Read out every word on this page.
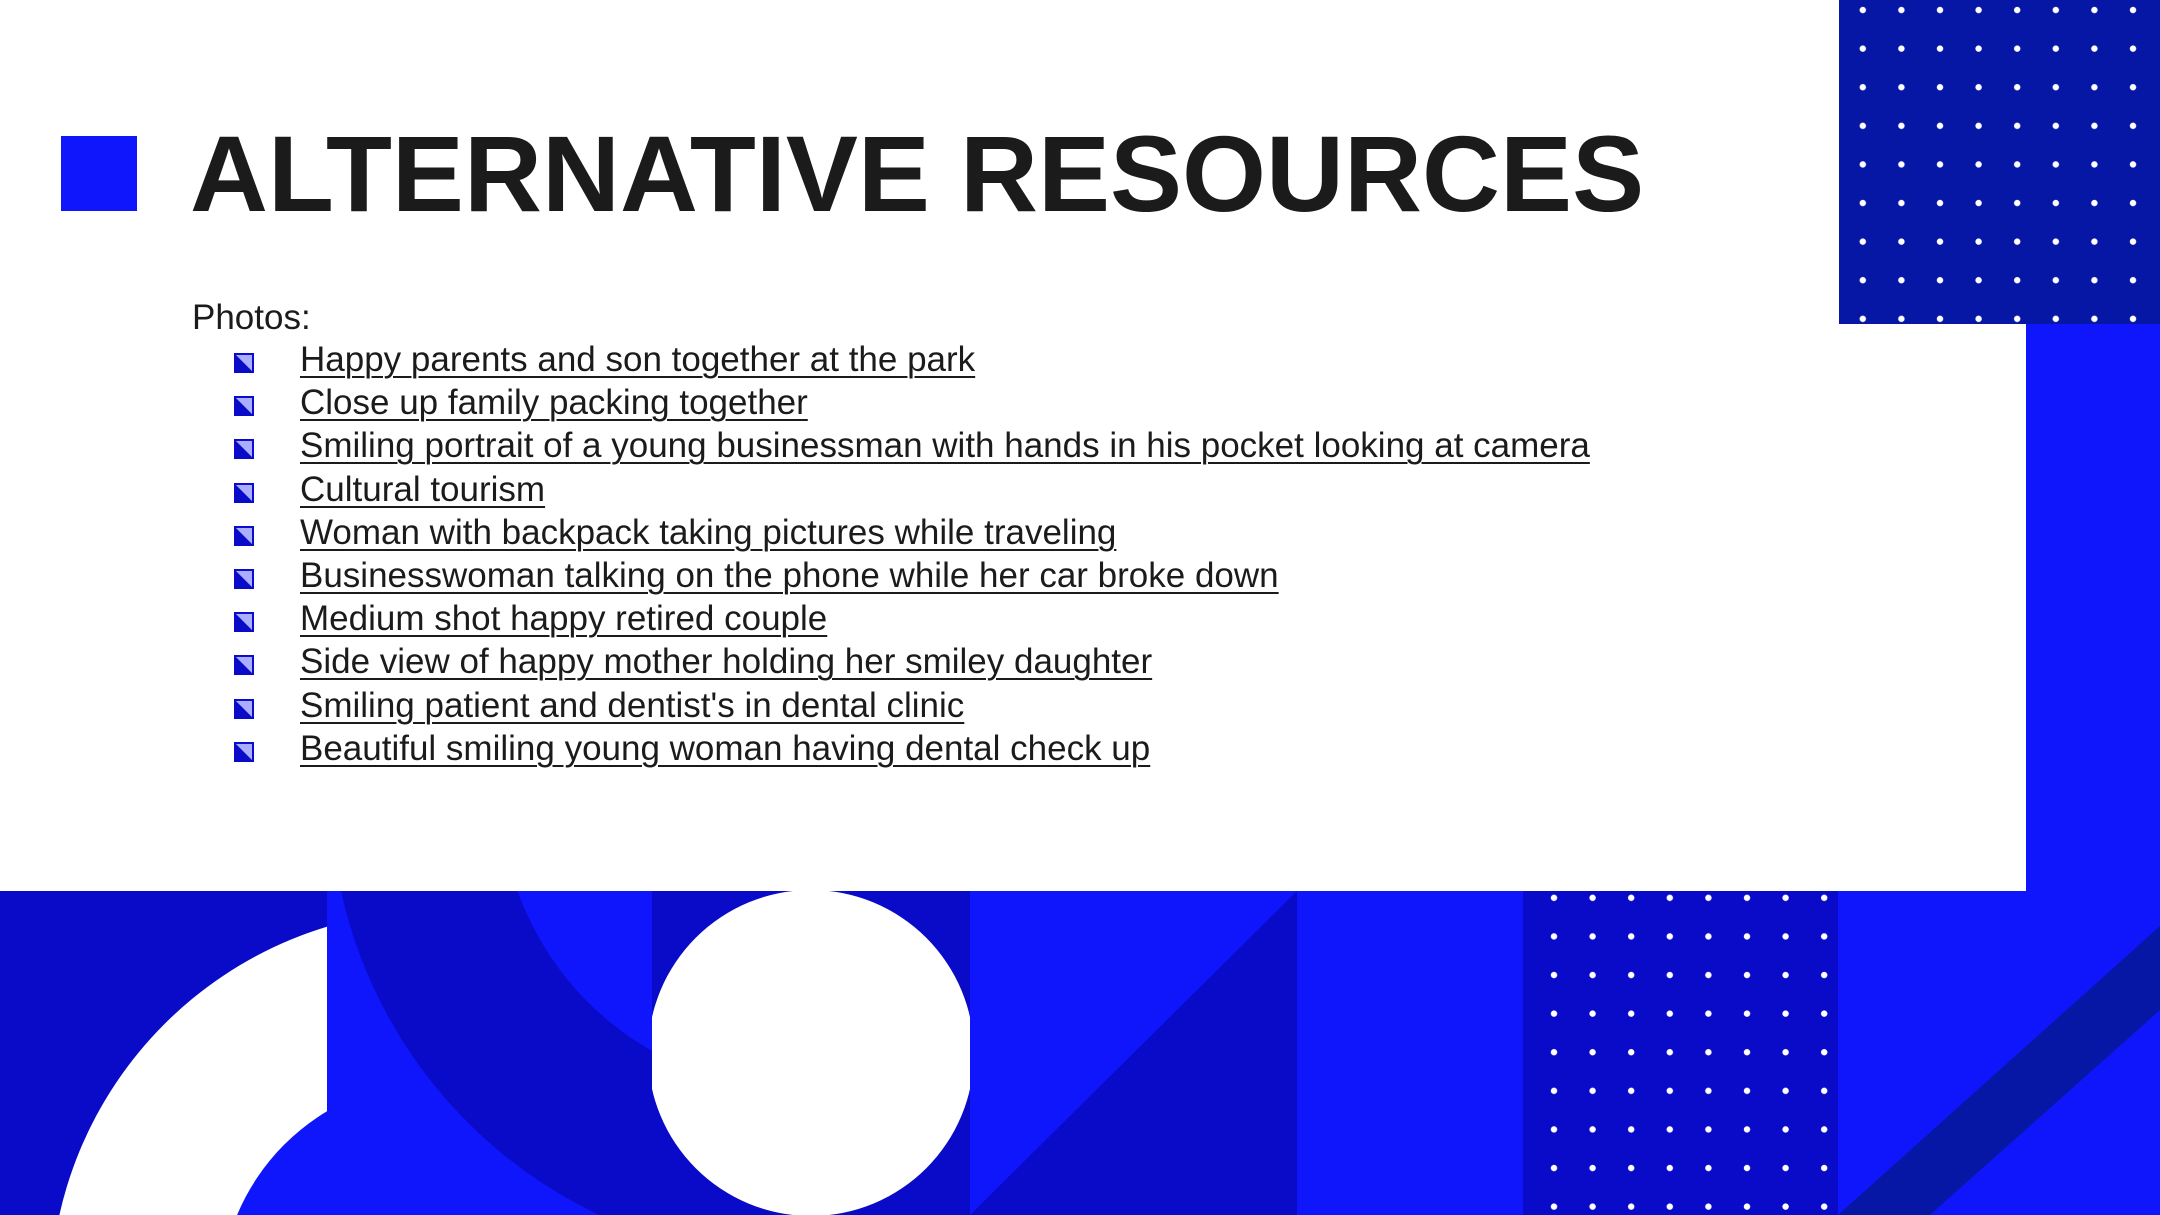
ALTERNATIVE RESOURCES

Photos:

Happy parents and son together at the park
Close up family packing together
Smiling portrait of a young businessman with hands in his pocket looking at camera
Cultural tourism
Woman with backpack taking pictures while traveling
Businesswoman talking on the phone while her car broke down
Medium shot happy retired couple
Side view of happy mother holding her smiley daughter
Smiling patient and dentist's in dental clinic
Beautiful smiling young woman having dental check up
